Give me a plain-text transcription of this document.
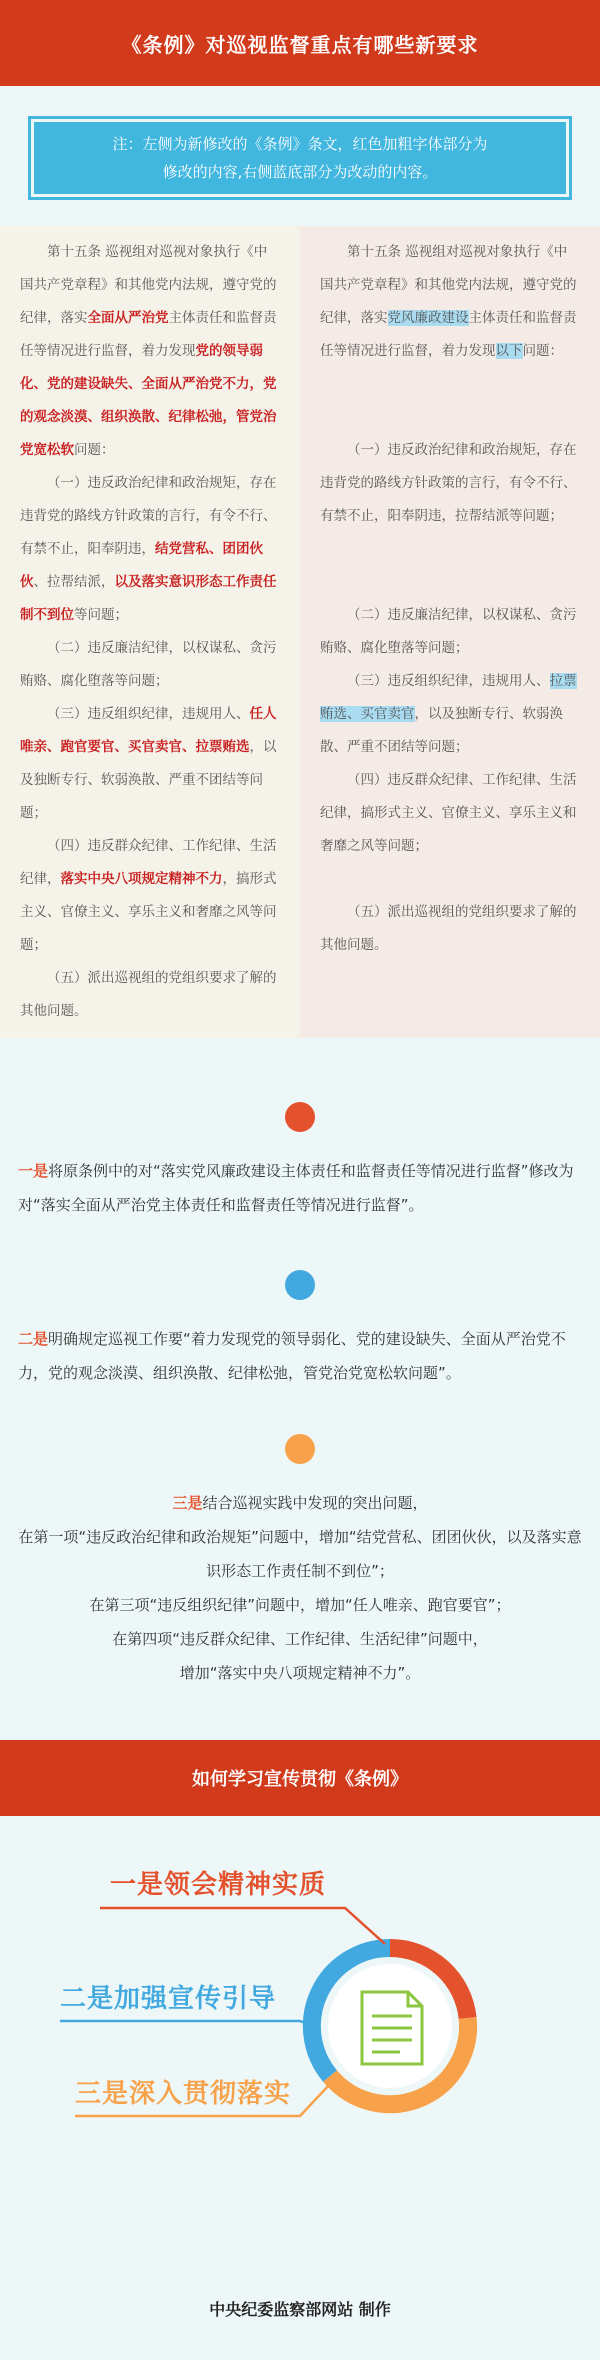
《条例》对巡视监督重点有哪些新要求
注：左侧为新修改的《条例》条文，红色加粗字体部分为
修改的内容,右侧蓝底部分为改动的内容。

第十五条 巡视组对巡视对象执行《中国共产党章程》和其他党内法规，遵守党的纪律，落实全面从严治党主体责任和监督责任等情况进行监督，着力发现党的领导弱化、党的建设缺失、全面从严治党不力，党的观念淡漠、组织涣散、纪律松弛，管党治党宽松软问题：

（一）违反政治纪律和政治规矩，存在违背党的路线方针政策的言行，有令不行、有禁不止，阳奉阴违，结党营私、团团伙伙、拉帮结派，以及落实意识形态工作责任制不到位等问题；

（二）违反廉洁纪律，以权谋私、贪污贿赂、腐化堕落等问题；

（三）违反组织纪律，违规用人、任人唯亲、跑官要官、买官卖官、拉票贿选，以及独断专行、软弱涣散、严重不团结等问题；

（四）违反群众纪律、工作纪律、生活纪律，落实中央八项规定精神不力，搞形式主义、官僚主义、享乐主义和奢靡之风等问题；

（五）派出巡视组的党组织要求了解的其他问题。

第十五条 巡视组对巡视对象执行《中国共产党章程》和其他党内法规，遵守党的纪律，落实党风廉政建设主体责任和监督责任等情况进行监督，着力发现以下问题：

（一）违反政治纪律和政治规矩，存在违背党的路线方针政策的言行，有令不行、有禁不止，阳奉阴违，拉帮结派等问题；

（二）违反廉洁纪律，以权谋私、贪污贿赂、腐化堕落等问题；

（三）违反组织纪律，违规用人、拉票贿选、买官卖官，以及独断专行、软弱涣散、严重不团结等问题；

（四）违反群众纪律、工作纪律、生活纪律，搞形式主义、官僚主义、享乐主义和奢靡之风等问题；

（五）派出巡视组的党组织要求了解的其他问题。

一是将原条例中的对“落实党风廉政建设主体责任和监督责任等情况进行监督”修改为对“落实全面从严治党主体责任和监督责任等情况进行监督”。
二是明确规定巡视工作要“着力发现党的领导弱化、党的建设缺失、全面从严治党不力，党的观念淡漠、组织涣散、纪律松弛，管党治党宽松软问题”。
三是结合巡视实践中发现的突出问题，
在第一项“违反政治纪律和政治规矩”问题中，增加“结党营私、团团伙伙，以及落实意识形态工作责任制不到位”；
在第三项“违反组织纪律”问题中，增加“任人唯亲、跑官要官”；
在第四项“违反群众纪律、工作纪律、生活纪律”问题中，
增加“落实中央八项规定精神不力”。
如何学习宣传贯彻《条例》
一是领会精神实质
二是加强宣传引导
三是深入贯彻落实
中央纪委监察部网站 制作
